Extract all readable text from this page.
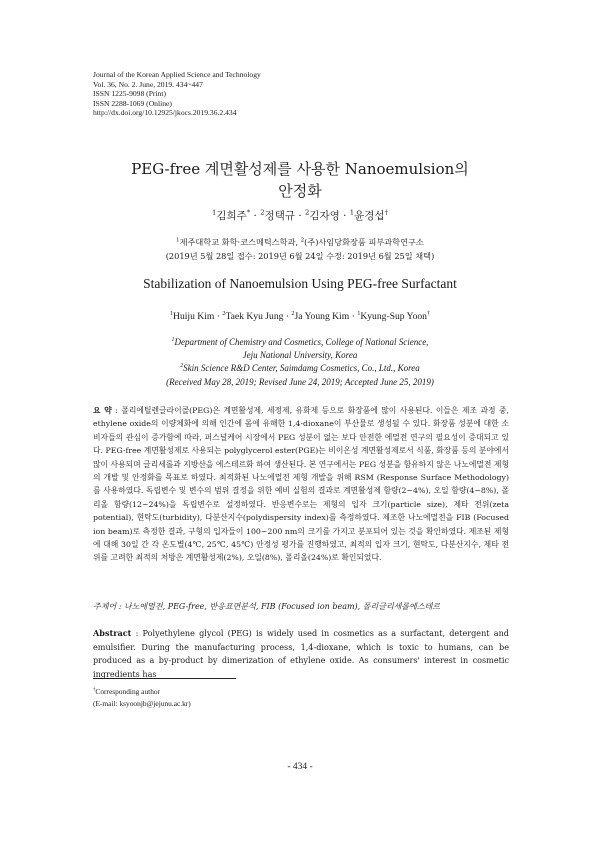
Journal of the Korean Applied Science and Technology
Vol. 36, No. 2. June, 2019. 434~447
ISSN 1225-9098 (Print)
ISSN 2288-1069 (Online)
http://dx.doi.org/10.12925/jkocs.2019.36.2.434
PEG-free 계면활성제를 사용한 Nanoemulsion의
안정화
$^1$김희주* · $^2$정택규 · $^2$김자영 · $^1$윤경섭†
$^1$제주대학교 화학·코스메틱스학과, $^2$(주)사임당화장품 피부과학연구소
(2019년 5월 28일 접수: 2019년 6월 24일 수정: 2019년 6월 25일 채택)
Stabilization of Nanoemulsion Using PEG-free Surfactant
$^1$Huiju Kim · $^2$Taek Kyu Jung · $^2$Ja Young Kim · $^1$Kyung-Sup Yoon†
$^1$Department of Chemistry and Cosmetics, College of National Science,
Jeju National University, Korea
$^2$Skin Science R&D Center, Saimdamg Cosmetics, Co., Ltd., Korea
(Received May 28, 2019; Revised June 24, 2019; Accepted June 25, 2019)
요 약 : 폴리에틸렌글라이콜(PEG)은 계면활성제, 세정제, 유화제 등으로 화장품에 많이 사용된다. 이들은 제조 과정 중, ethylene oxide의 이량체화에 의해 인간에 몸에 유해한 1,4-dioxane이 부산물로 생성될 수 있다. 화장품 성분에 대한 소비자들의 관심이 증가함에 따라, 퍼스널케어 시장에서 PEG 성분이 없는 보다 안전한 에멀전 연구의 필요성이 증대되고 있다. PEG-free 계면활성제로 사용되는 polyglycerol ester(PGE)는 비이온성 계면활성제로서 식품, 화장품 등의 분야에서 많이 사용되며 글리세롤과 지방산을 에스테르화 하여 생산된다. 본 연구에서는 PEG 성분을 함유하지 않은 나노에멀전 제형의 개발 및 안정화를 목표로 하였다. 최적화된 나노에멀전 제형 개발을 위해 RSM (Response Surface Methodology)를 사용하였다. 독립변수 및 변수의 범위 결정을 위한 예비 실험의 결과로 계면활성제 함량(2~4%), 오일 함량(4~8%), 폴리올 함량(12~24%)을 독립변수로 설정하였다. 반응변수로는 제형의 입자 크기(particle size), 제타 전위(zeta potential), 현탁도(turbidity), 다분산지수(polydispersity index)를 측정하였다. 제조한 나노에멀전을 FIB (Focused ion beam)로 측정한 결과, 구형의 입자들이 100~200 nm의 크기를 가지고 분포되어 있는 것을 확인하였다. 제조된 제형에 대해 30일 간 각 온도별(4℃, 25℃, 45℃) 안정성 평가를 진행하였고, 최적의 입자 크기, 현탁도, 다분산지수, 제타 전위를 고려한 최적의 처방은 계면활성제(2%), 오일(8%), 폴리올(24%)로 확인되었다.
주제어 : 나노에멀전, PEG-free, 반응표면분석, FIB (Focused ion beam), 폴리글리세롤에스테르
Abstract : Polyethylene glycol (PEG) is widely used in cosmetics as a surfactant, detergent and emulsifier. During the manufacturing process, 1,4-dioxane, which is toxic to humans, can be produced as a by-product by dimerization of ethylene oxide. As consumers' interest in cosmetic ingredients has
†Corresponding author
(E-mail: ksyoonjb@jejunu.ac.kr)
- 434 -
